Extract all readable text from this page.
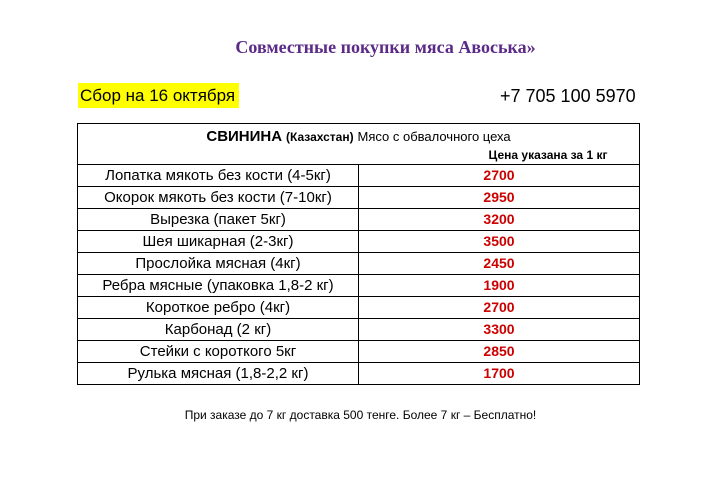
Совместные покупки мяса Авоська»
Сбор на 16 октября	+7 705 100 5970
СВИНИНА (Казахстан) Мясо с обвалочного цеха
Цена указана за 1 кг	

Лопатка мякоть без кости (4-5кг)	2700
Окорок мякоть без кости (7-10кг)	2950
Вырезка (пакет 5кг)	3200
Шея шикарная (2-3кг)	3500
Прослойка мясная (4кг)	2450
Ребра мясные (упаковка 1,8-2 кг)	1900
Короткое ребро (4кг)	2700
Карбонад (2 кг)	3300
Стейки с короткого 5кг	2850
Рулька мясная (1,8-2,2 кг)	1700
При заказе до 7 кг доставка 500 тенге. Более 7 кг – Бесплатно!
